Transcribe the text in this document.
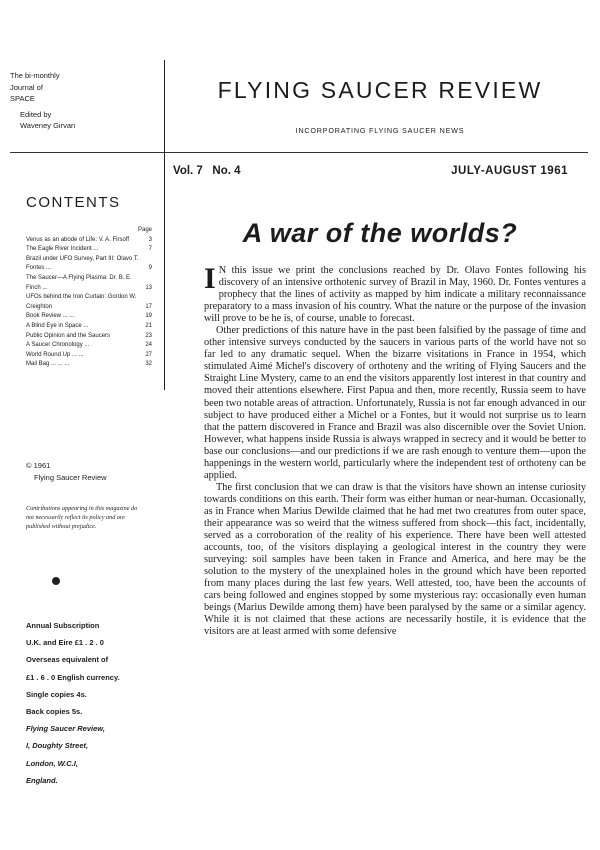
The bi-monthly
Journal of
SPACE
Edited by
Waveney Girvan
FLYING SAUCER REVIEW
INCORPORATING FLYING SAUCER NEWS
Vol. 7   No. 4	JULY-AUGUST 1961
CONTENTS
Page
Venus as an abode of Life: V. A. Firsoff	3
The Eagle River Incident ...	7
Brazil under UFO Survey, Part III: Olavo T. Fontes ...	9
The Saucer—A Flying Plasma: Dr. B. E. Finch ...	13
UFOs behind the Iron Curtain: Gordon W. Creighton	17
Book Review ... ...	19
A Blind Eye in Space ...	21
Public Opinion and the Saucers	23
A Saucer Chronology ...	24
World Round Up ... ...	27
Mail Bag ... ... ...	32
© 1961
Flying Saucer Review
Contributions appearing in this magazine do not necessarily reflect its policy and are published without prejudice.
Annual Subscription
U.K. and Eire £1 . 2 . 0
Overseas equivalent of
£1 . 6 . 0 English currency.
Single copies 4s.
Back copies 5s.
Flying Saucer Review,
I, Doughty Street,
London, W.C.I,
England.
A war of the worlds?

I N this issue we print the conclusions reached by Dr. Olavo Fontes following his discovery of an intensive orthotenic survey of Brazil in May, 1960. Dr. Fontes ventures a prophecy that the lines of activity as mapped by him indicate a military reconnaissance preparatory to a mass invasion of his country. What the nature or the purpose of the invasion will prove to be he is, of course, unable to forecast.

Other predictions of this nature have in the past been falsified by the passage of time and other intensive surveys conducted by the saucers in various parts of the world have not so far led to any dramatic sequel. When the bizarre visitations in France in 1954, which stimulated Aimé Michel's discovery of orthoteny and the writing of Flying Saucers and the Straight Line Mystery, came to an end the visitors apparently lost interest in that country and moved their attentions elsewhere. First Papua and then, more recently, Russia seem to have been two notable areas of attraction. Unfortunately, Russia is not far enough advanced in our subject to have produced either a Michel or a Fontes, but it would not surprise us to learn that the pattern discovered in France and Brazil was also discernible over the Soviet Union. However, what happens inside Russia is always wrapped in secrecy and it would be better to base our conclusions—and our predictions if we are rash enough to venture them—upon the happenings in the western world, particularly where the independent test of orthoteny can be applied.

The first conclusion that we can draw is that the visitors have shown an intense curiosity towards conditions on this earth. Their form was either human or near-human. Occasionally, as in France when Marius Dewilde claimed that he had met two creatures from outer space, their appearance was so weird that the witness suffered from shock—this fact, incidentally, served as a corroboration of the reality of his experience. There have been well attested accounts, too, of the visitors displaying a geological interest in the country they were surveying: soil samples have been taken in France and America, and here may be the solution to the mystery of the unexplained holes in the ground which have been reported from many places during the last few years. Well attested, too, have been the accounts of cars being followed and engines stopped by some mysterious ray: occasionally even human beings (Marius Dewilde among them) have been paralysed by the same or a similar agency. While it is not claimed that these actions are necessarily hostile, it is evidence that the visitors are at least armed with some defensive
